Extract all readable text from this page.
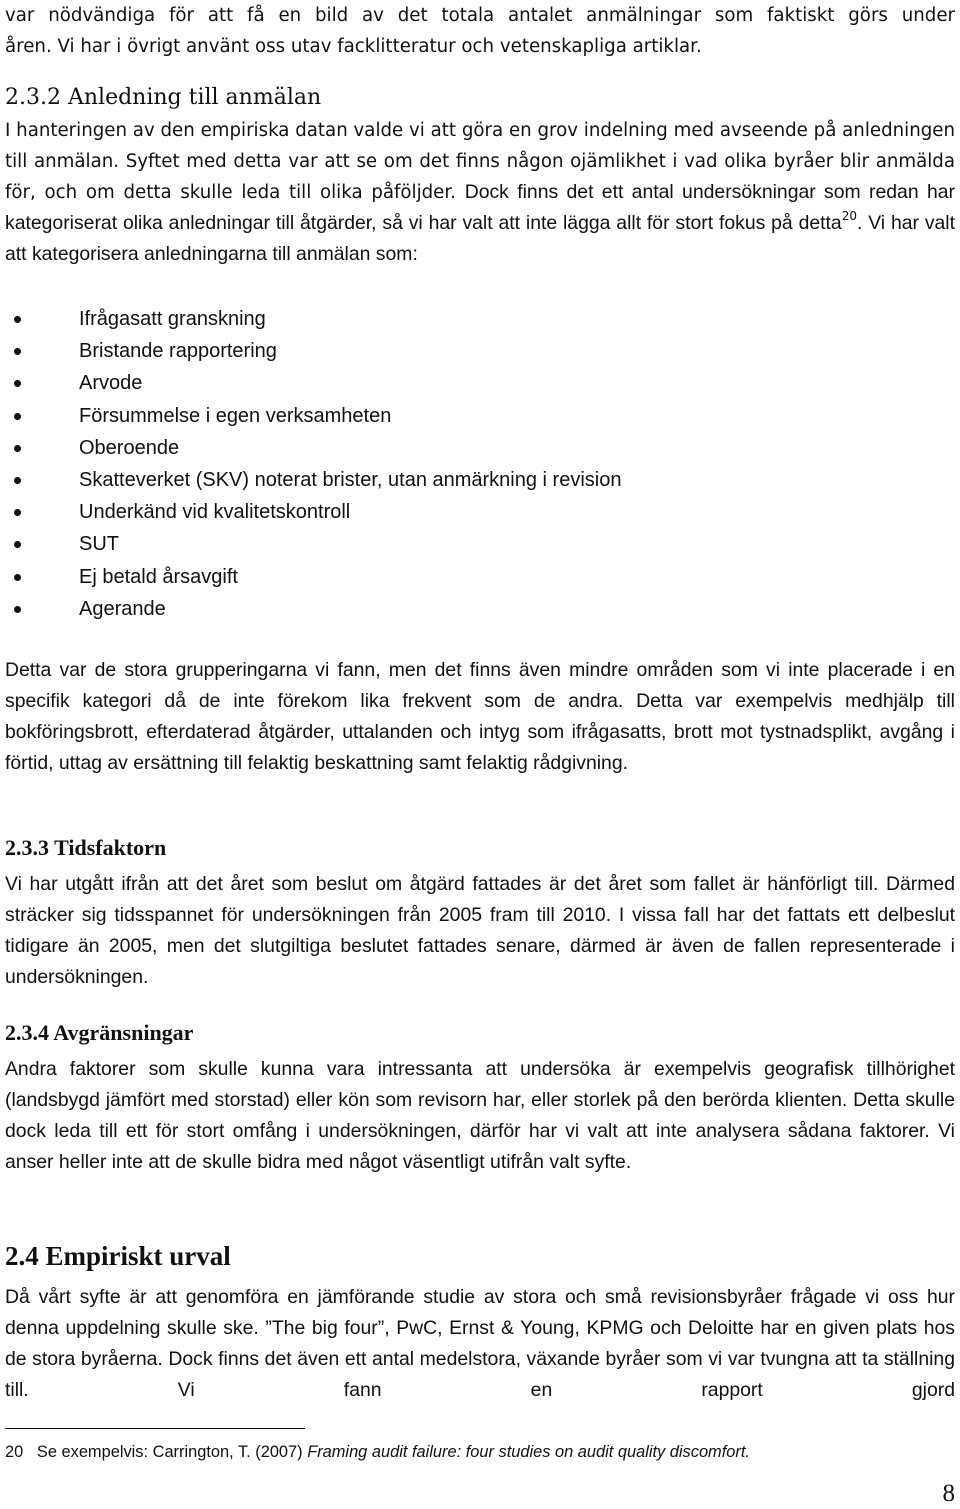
var nödvändiga för att få en bild av det totala antalet anmälningar som faktiskt görs under

åren. Vi har i övrigt använt oss utav facklitteratur och vetenskapliga artiklar.

2.3.2 Anledning till anmälan

I hanteringen av den empiriska datan valde vi att göra en grov indelning med avseende på anledningen till anmälan. Syftet med detta var att se om det finns någon ojämlikhet i vad olika byråer blir anmälda för, och om detta skulle leda till olika påföljder. Dock finns det ett antal undersökningar som redan har kategoriserat olika anledningar till åtgärder, så vi har valt att inte lägga allt för stort fokus på detta$^{20}$. Vi har valt att kategorisera anledningarna till anmälan som:

Ifrågasatt granskning
Bristande rapportering
Arvode
Försummelse i egen verksamheten
Oberoende
Skatteverket (SKV) noterat brister, utan anmärkning i revision
Underkänd vid kvalitetskontroll
SUT
Ej betald årsavgift
Agerande

Detta var de stora grupperingarna vi fann, men det finns även mindre områden som vi inte placerade i en specifik kategori då de inte förekom lika frekvent som de andra. Detta var exempelvis medhjälp till bokföringsbrott, efterdaterad åtgärder, uttalanden och intyg som ifrågasatts, brott mot tystnadsplikt, avgång i förtid, uttag av ersättning till felaktig beskattning samt felaktig rådgivning.

2.3.3 Tidsfaktorn

Vi har utgått ifrån att det året som beslut om åtgärd fattades är det året som fallet är hänförligt till. Därmed sträcker sig tidsspannet för undersökningen från 2005 fram till 2010. I vissa fall har det fattats ett delbeslut tidigare än 2005, men det slutgiltiga beslutet fattades senare, därmed är även de fallen representerade i undersökningen.

2.3.4 Avgränsningar

Andra faktorer som skulle kunna vara intressanta att undersöka är exempelvis geografisk tillhörighet (landsbygd jämfört med storstad) eller kön som revisorn har, eller storlek på den berörda klienten. Detta skulle dock leda till ett för stort omfång i undersökningen, därför har vi valt att inte analysera sådana faktorer. Vi anser heller inte att de skulle bidra med något väsentligt utifrån valt syfte.

2.4 Empiriskt urval

Då vårt syfte är att genomföra en jämförande studie av stora och små revisionsbyråer frågade vi oss hur denna uppdelning skulle ske. ”The big four”, PwC, Ernst & Young, KPMG och Deloitte har en given plats hos de stora byråerna. Dock finns det även ett antal medelstora, växande byråer som vi var tvungna att ta ställning till. Vi fann en rapport gjord

20 Se exempelvis: Carrington, T. (2007) Framing audit failure: four studies on audit quality discomfort.
8
